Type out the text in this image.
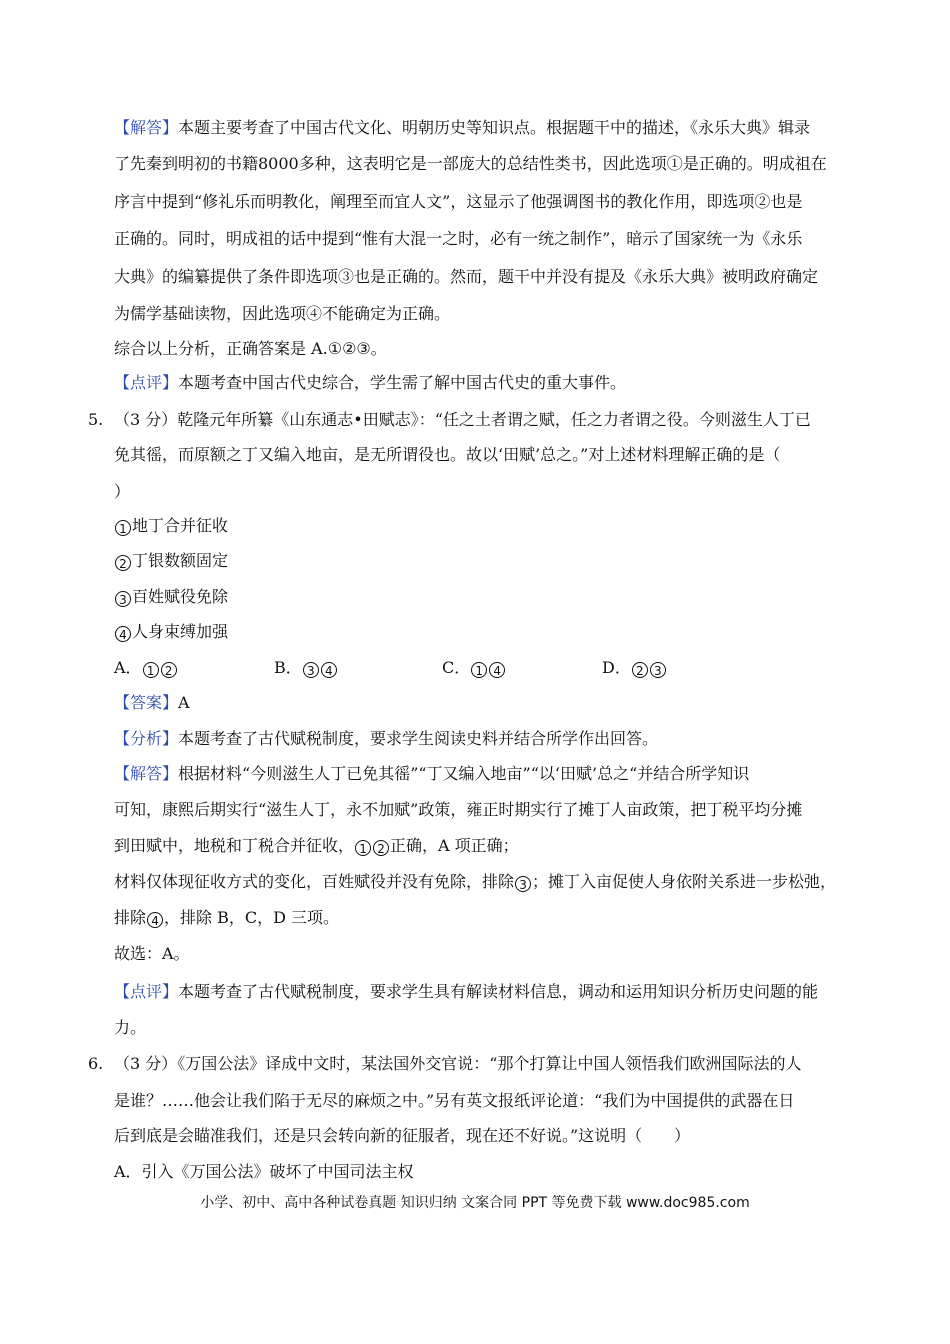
【解答】本题主要考查了中国古代文化、明朝历史等知识点。根据题干中的描述，《永乐大典》辑录
了先秦到明初的书籍8000多种，这表明它是一部庞大的总结性类书，因此选项①是正确的。明成祖在
序言中提到“修礼乐而明教化，阐理至而宜人文”，这显示了他强调图书的教化作用，即选项②也是
正确的。同时，明成祖的话中提到“惟有大混一之时，必有一统之制作”，暗示了国家统一为《永乐
大典》的编纂提供了条件即选项③也是正确的。然而，题干中并没有提及《永乐大典》被明政府确定
为儒学基础读物，因此选项④不能确定为正确。
综合以上分析，正确答案是 A.①②③。
【点评】本题考查中国古代史综合，学生需了解中国古代史的重大事件。
5. （3 分）乾隆元年所纂《山东通志•田赋志》：“任之土者谓之赋，任之力者谓之役。今则滋生人丁已
免其徭，而原额之丁又编入地亩，是无所谓役也。故以‘田赋’总之。”对上述材料理解正确的是（
）
1 地丁合并征收
2 丁银数额固定
3 百姓赋役免除
4 人身束缚加强
A． 1 2	B． 3 4	C． 1 4	D． 2 3
【答案】A
【分析】本题考查了古代赋税制度，要求学生阅读史料并结合所学作出回答。
【解答】根据材料“今则滋生人丁已免其徭”“丁又编入地亩”“以‘田赋’总之“并结合所学知识
可知，康熙后期实行“滋生人丁，永不加赋”政策，雍正时期实行了摊丁人亩政策，把丁税平均分摊
到田赋中，地税和丁税合并征收， 1 2 正确，A 项正确；
材料仅体现征收方式的变化，百姓赋役并没有免除，排除 3 ；摊丁入亩促使人身依附关系进一步松弛，
排除 4 ，排除 B，C，D 三项。
故选：A。
【点评】本题考查了古代赋税制度，要求学生具有解读材料信息，调动和运用知识分析历史问题的能
力。
6. （3 分）《万国公法》译成中文时，某法国外交官说：“那个打算让中国人领悟我们欧洲国际法的人
是谁？……他会让我们陷于无尽的麻烦之中。”另有英文报纸评论道：“我们为中国提供的武器在日
后到底是会瞄准我们，还是只会转向新的征服者，现在还不好说。”这说明（　　）
A．引入《万国公法》破坏了中国司法主权
小学、初中、高中各种试卷真题 知识归纳 文案合同 PPT 等免费下载 www.doc985.com
